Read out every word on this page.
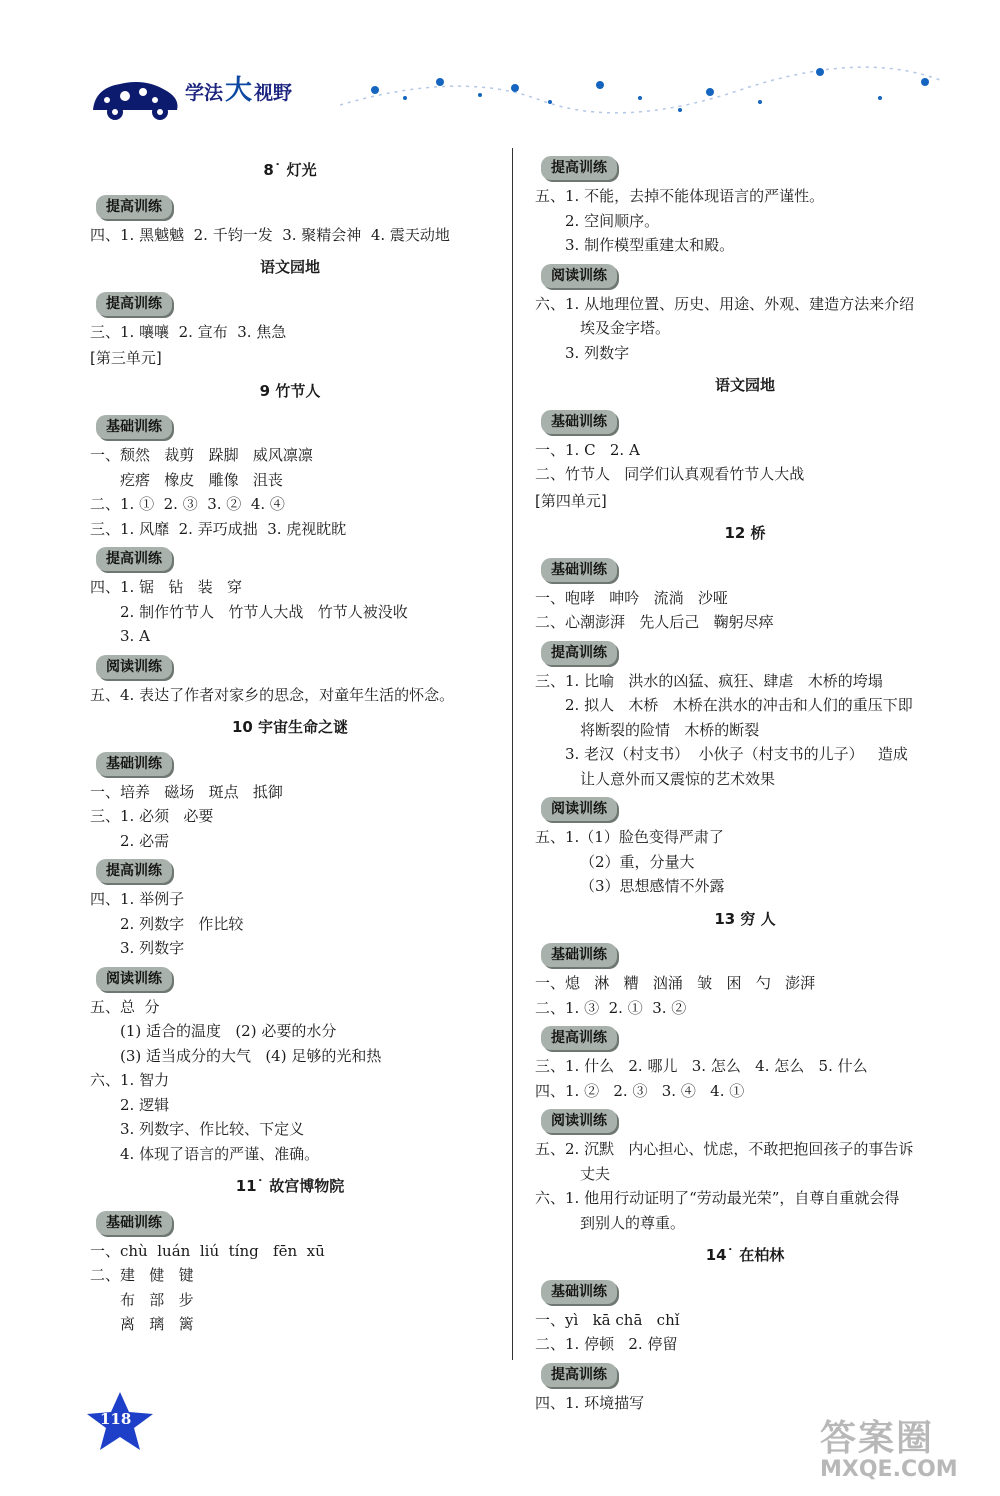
学法大 视野
8˙ 灯光
提高训练
四、1. 黑魆魆  2. 千钧一发  3. 聚精会神  4. 震天动地
语文园地
提高训练
三、1. 嚷嚷  2. 宣布  3. 焦急
[第三单元]
9 竹节人
基础训练
一、颓然   裁剪   跺脚   威风凛凛
疙瘩   橡皮   雕像   沮丧
二、1. ①  2. ③  3. ②  4. ④
三、1. 风靡  2. 弄巧成拙  3. 虎视眈眈
提高训练
四、1. 锯   钻   装   穿
2. 制作竹节人   竹节人大战   竹节人被没收
3. A
阅读训练
五、4. 表达了作者对家乡的思念，对童年生活的怀念。
10 宇宙生命之谜
基础训练
一、培养   磁场   斑点   抵御
三、1. 必须   必要
2. 必需
提高训练
四、1. 举例子
2. 列数字   作比较
3. 列数字
阅读训练
五、总  分
(1) 适合的温度   (2) 必要的水分
(3) 适当成分的大气   (4) 足够的光和热
六、1. 智力
2. 逻辑
3. 列数字、作比较、下定义
4. 体现了语言的严谨、准确。
11˙ 故宫博物院
基础训练
一、chù  luán  liú  tíng   fēn  xū
二、建   健   键
布   部   步
离   璃   篱
提高训练
五、1. 不能，去掉不能体现语言的严谨性。
2. 空间顺序。
3. 制作模型重建太和殿。
阅读训练
六、1. 从地理位置、历史、用途、外观、建造方法来介绍
埃及金字塔。
3. 列数字
语文园地
基础训练
一、1. C   2. A
二、竹节人   同学们认真观看竹节人大战
[第四单元]
12 桥
基础训练
一、咆哮   呻吟   流淌   沙哑
二、心潮澎湃   先人后己   鞠躬尽瘁
提高训练
三、1. 比喻   洪水的凶猛、疯狂、肆虐   木桥的垮塌
2. 拟人   木桥   木桥在洪水的冲击和人们的重压下即
将断裂的险情   木桥的断裂
3. 老汉（村支书）  小伙子（村支书的儿子）   造成
让人意外而又震惊的艺术效果
阅读训练
五、1.（1）脸色变得严肃了
（2）重，分量大
（3）思想感情不外露
13 穷 人
基础训练
一、熄   淋   糟   汹涌   皱   困   勺   澎湃
二、1. ③  2. ①  3. ②
提高训练
三、1. 什么   2. 哪儿   3. 怎么   4. 怎么   5. 什么
四、1. ②   2. ③   3. ④   4. ①
阅读训练
五、2. 沉默   内心担心、忧虑，不敢把抱回孩子的事告诉
丈夫
六、1. 他用行动证明了“劳动最光荣”，自尊自重就会得
到别人的尊重。
14˙ 在柏林
基础训练
一、yì   kā chā   chǐ
二、1. 停顿   2. 停留
提高训练
四、1. 环境描写
118	答案圈
MXQE.COM
